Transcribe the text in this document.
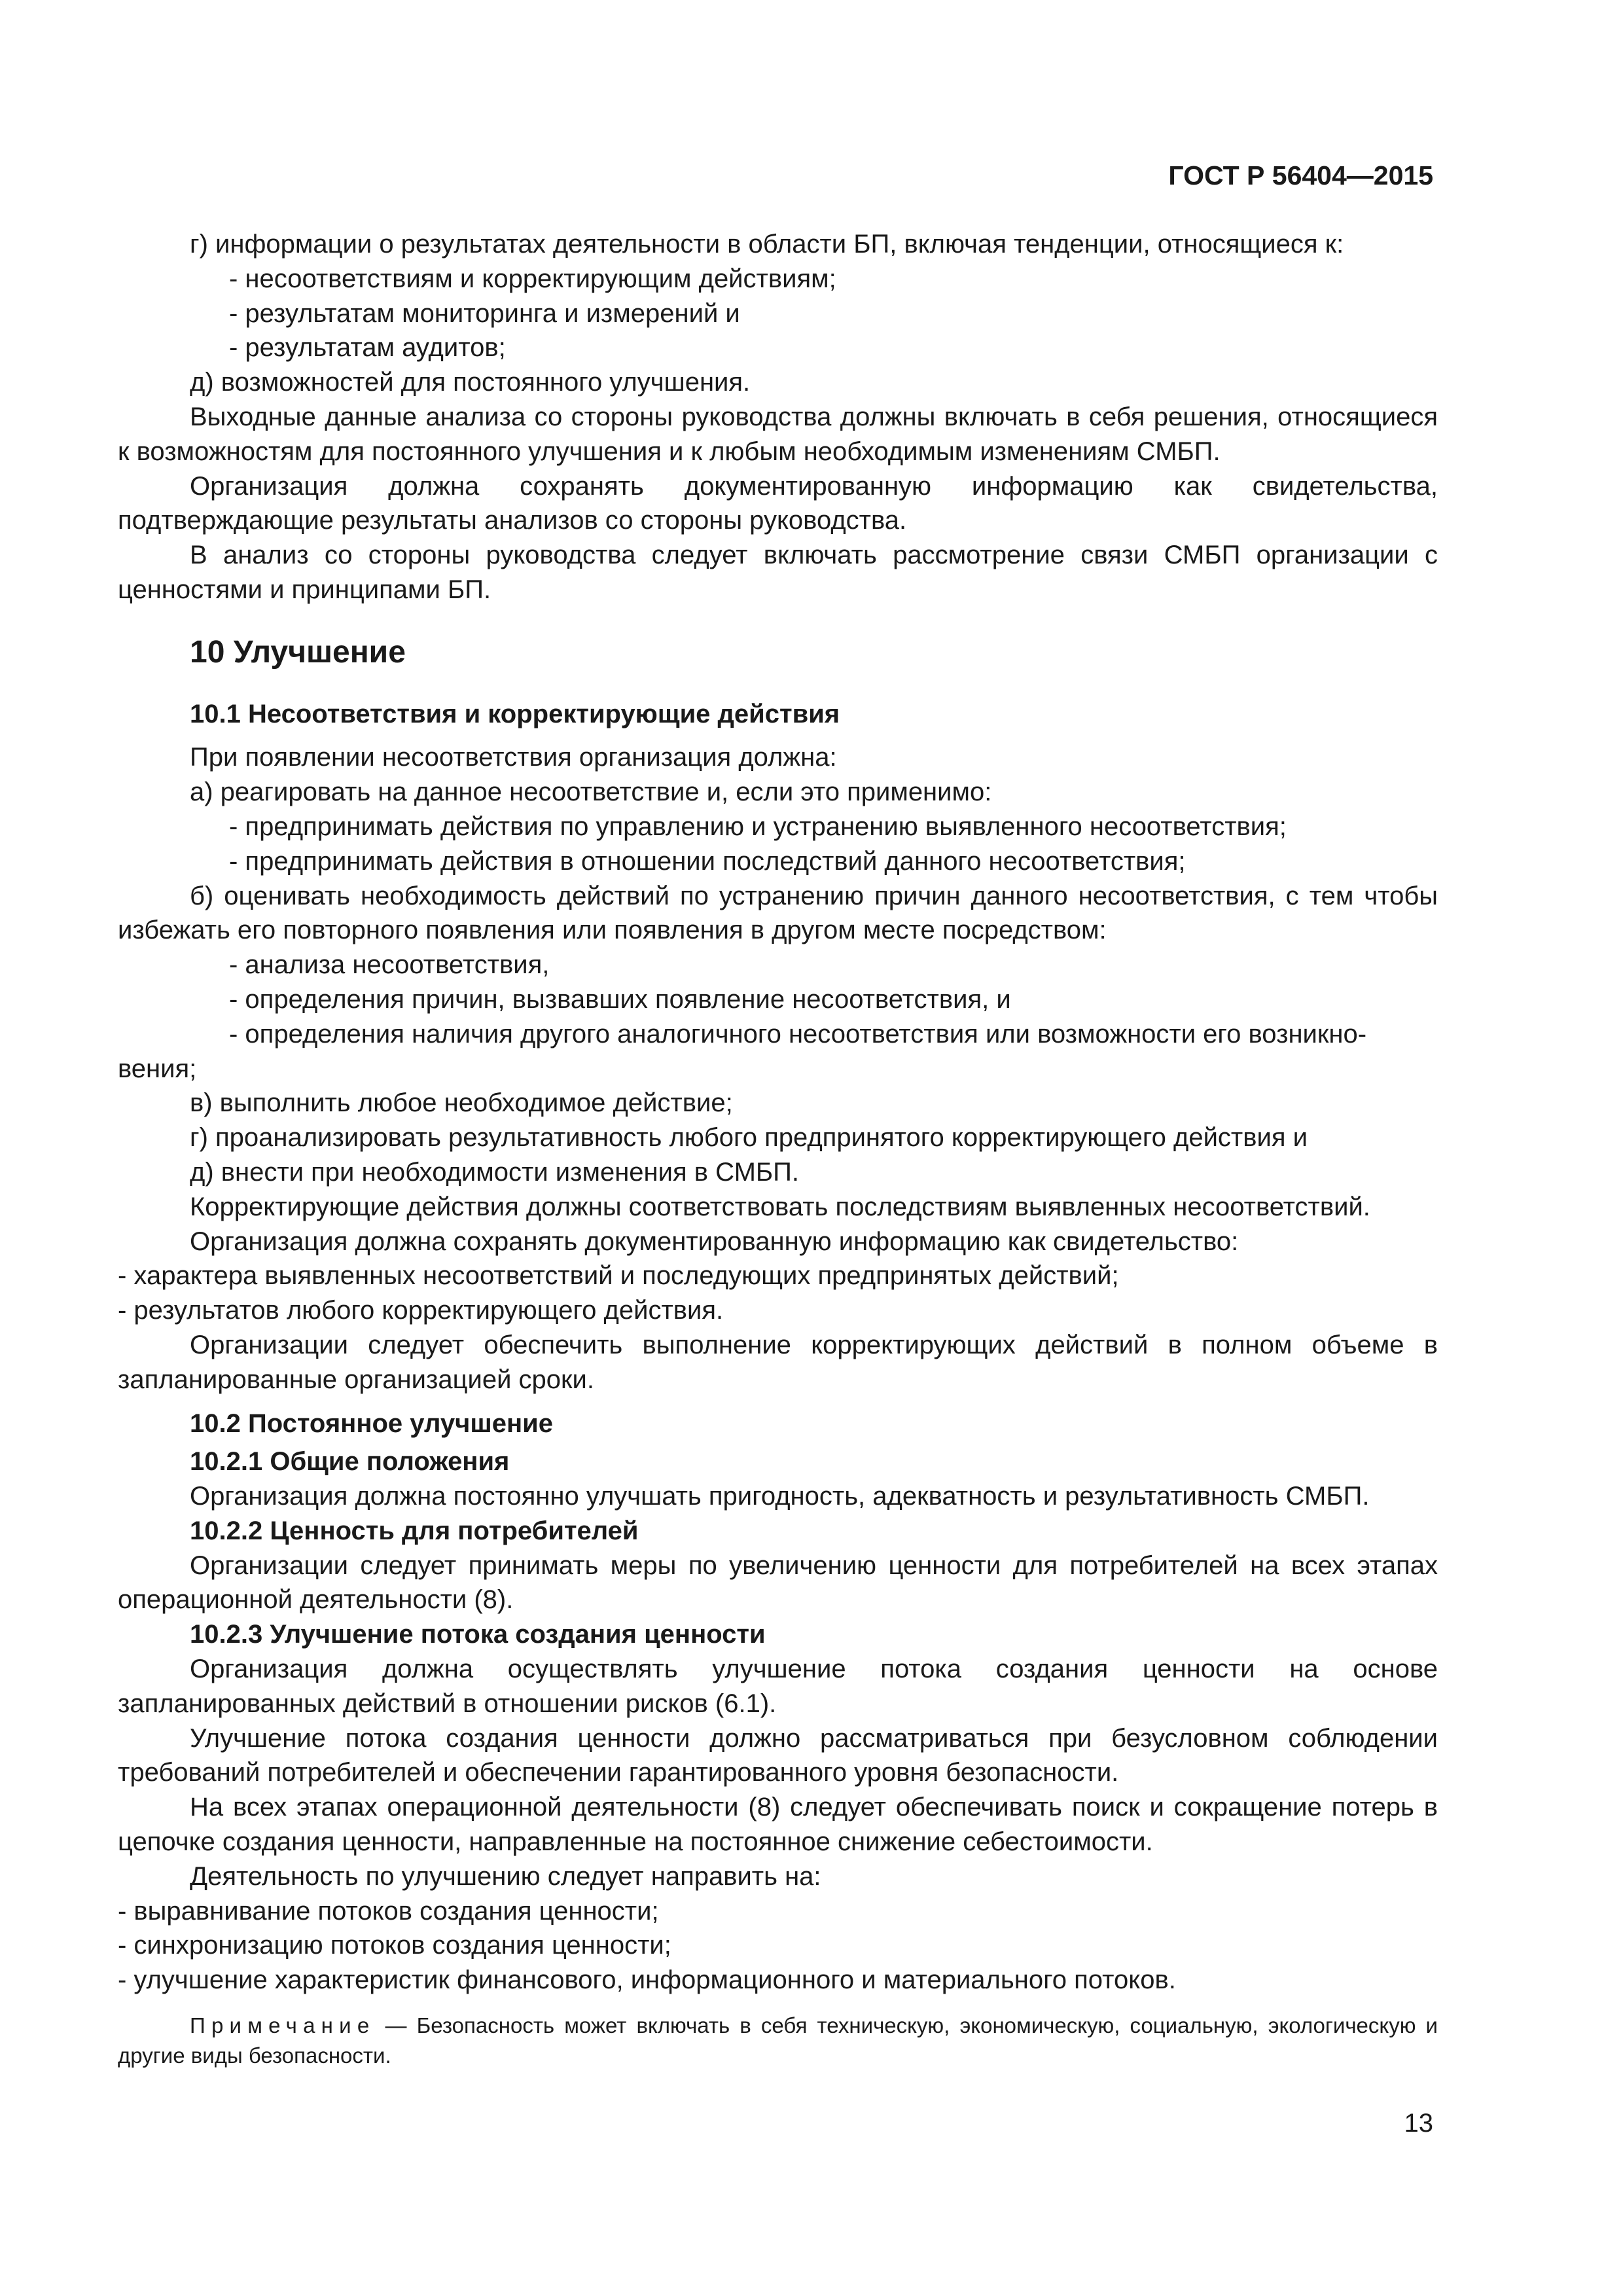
ГОСТ Р 56404—2015

г) информации о результатах деятельности в области БП, включая тенденции, относящиеся к:

- несоответствиям и корректирующим действиям;

- результатам мониторинга и измерений и

- результатам аудитов;

д) возможностей для постоянного улучшения.

Выходные данные анализа со стороны руководства должны включать в себя решения, относящиеся к возможностям для постоянного улучшения и к любым необходимым изменениям СМБП.

Организация должна сохранять документированную информацию как свидетельства, подтверждающие результаты анализов со стороны руководства.

В анализ со стороны руководства следует включать рассмотрение связи СМБП организации с ценностями и принципами БП.

10 Улучшение
10.1 Несоответствия и корректирующие действия

При появлении несоответствия организация должна:

а) реагировать на данное несоответствие и, если это применимо:

- предпринимать действия по управлению и устранению выявленного несоответствия;

- предпринимать действия в отношении последствий данного несоответствия;

б) оценивать необходимость действий по устранению причин данного несоответствия, с тем чтобы избежать его повторного появления или появления в другом месте посредством:

- анализа несоответствия,

- определения причин, вызвавших появление несоответствия, и

- определения наличия другого аналогичного несоответствия или возможности его возникно-

вения;

в) выполнить любое необходимое действие;

г) проанализировать результативность любого предпринятого корректирующего действия и

д) внести при необходимости изменения в СМБП.

Корректирующие действия должны соответствовать последствиям выявленных несоответствий.

Организация должна сохранять документированную информацию как свидетельство:

- характера выявленных несоответствий и последующих предпринятых действий;

- результатов любого корректирующего действия.

Организации следует обеспечить выполнение корректирующих действий в полном объеме в запланированные организацией сроки.

10.2 Постоянное улучшение
10.2.1 Общие положения

Организация должна постоянно улучшать пригодность, адекватность и результативность СМБП.

10.2.2 Ценность для потребителей

Организации следует принимать меры по увеличению ценности для потребителей на всех этапах операционной деятельности (8).

10.2.3 Улучшение потока создания ценности

Организация должна осуществлять улучшение потока создания ценности на основе запланированных действий в отношении рисков (6.1).

Улучшение потока создания ценности должно рассматриваться при безусловном соблюдении требований потребителей и обеспечении гарантированного уровня безопасности.

На всех этапах операционной деятельности (8) следует обеспечивать поиск и сокращение потерь в цепочке создания ценности, направленные на постоянное снижение себестоимости.

Деятельность по улучшению следует направить на:

- выравнивание потоков создания ценности;

- синхронизацию потоков создания ценности;

- улучшение характеристик финансового, информационного и материального потоков.

Примечание — Безопасность может включать в себя техническую, экономическую, социальную, экологическую и другие виды безопасности.

13
